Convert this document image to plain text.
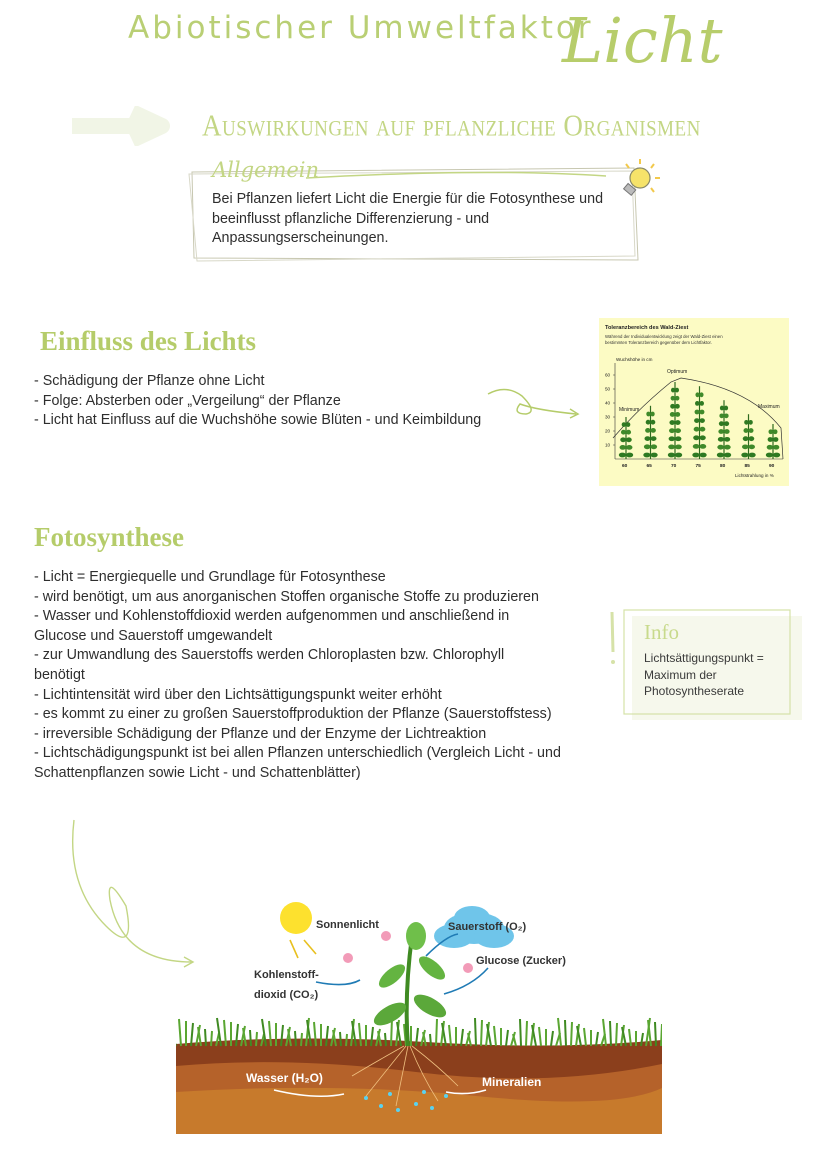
Abiotischer Umweltfaktor
Licht
Auswirkungen auf pflanzliche Organismen
Allgemein

Bei Pflanzen liefert Licht die Energie für die Fotosynthese und

beeinflusst pflanzliche Differenzierung - und

Anpassungserscheinungen.

Einfluss des Lichts

- Schädigung der Pflanze ohne Licht

- Folge: Absterben oder „Vergeilung“ der Pflanze

- Licht hat Einfluss auf die Wuchshöhe sowie Blüten - und Keimbildung

Toleranzbereich des Wald-Ziest
Während der Individualentwicklung zeigt der Wald-Ziest einen
bestimmten Toleranzbereich gegenüber dem Lichtfaktor.
Wuchshöhe in cm
Lichtstrahlung in %
Minimum
Optimum
Maximum
60
50
40
30
20
10
60	65	70	75	80	85	90
Fotosynthese

- Licht = Energiequelle und Grundlage für Fotosynthese

- wird benötigt, um aus anorganischen Stoffen organische Stoffe zu produzieren

- Wasser und Kohlenstoffdioxid werden aufgenommen und anschließend in

Glucose und Sauerstoff umgewandelt

- zur Umwandlung des Sauerstoffs werden Chloroplasten bzw. Chlorophyll

benötigt

- Lichtintensität wird über den Lichtsättigungspunkt weiter erhöht

- es kommt zu einer zu großen Sauerstoffproduktion der Pflanze (Sauerstoffstess)

- irreversible Schädigung der Pflanze und der Enzyme der Lichtreaktion

- Lichtschädigungspunkt ist bei allen Pflanzen unterschiedlich (Vergleich Licht - und

Schattenpflanzen sowie Licht - und Schattenblätter)

Info

Lichtsättigungspunkt =

Maximum der

Photosyntheserate

Sonnenlicht	Sauerstoff (O₂)
Glucose (Zucker)
Kohlenstoff-
dioxid (CO₂)
Wasser (H₂O)	Mineralien
